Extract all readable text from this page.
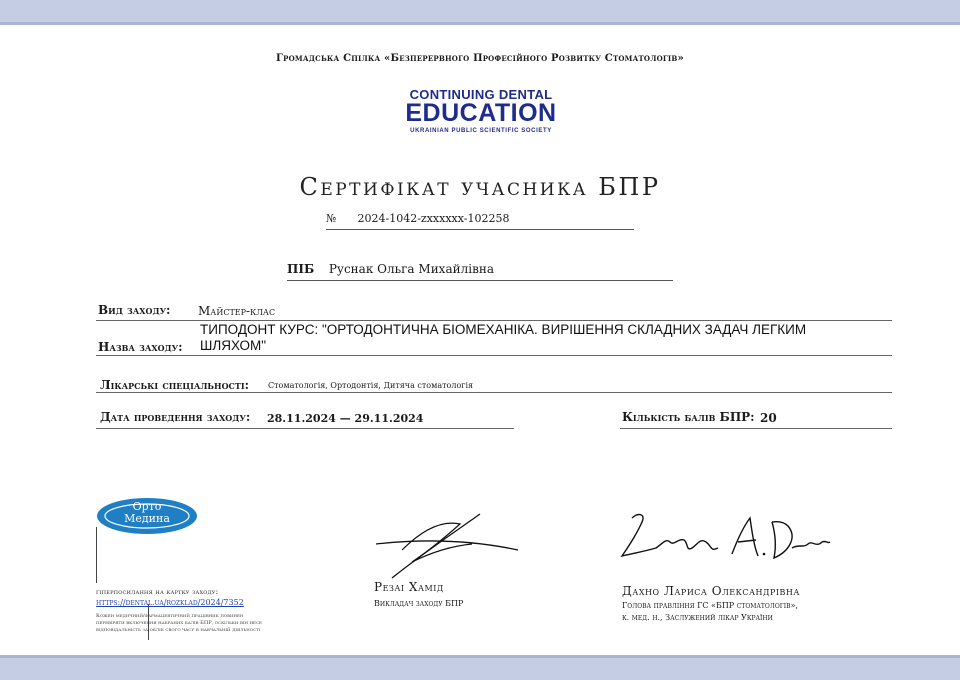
Громадська Спілка «Безперервного Професійного Розвитку Стоматологів»
CONTINUING DENTAL
EDUCATION
UKRAINIAN PUBLIC SCIENTIFIC SOCIETY
Сертифікат учасника БПР
№ 2024-1042-zxxxxxx-102258
ПІБ Руснак Ольга Михайлівна
Вид заходу: Майстер-клас
ТИПОДОНТ КУРС: "ОРТОДОНТИЧНА БІОМЕХАНІКА. ВИРІШЕННЯ СКЛАДНИХ ЗАДАЧ ЛЕГКИМ ШЛЯХОМ"
Назва заходу:
Лікарські спеціальності: Стоматологія, Ортодонтія, Дитяча стоматологія
Дата проведення заходу: 28.11.2024 — 29.11.2024	Кількість балів БПР: 20
Орто
Медина
гіперпосилання на картку заходу:
https://dental.ua/rozklad/2024/7352
Кожен медичний/фармацевтичний працівник повинен перевіряти включення набраних балів БПР, оскільки він несе відповідальність за облік свого часу в навчальній діяльності
Резаі Хамід
Викладач заходу БПР
Дахно Лариса Олександрівна
Голова правління ГС «БПР стоматологів»,
к. мед. н., Заслужений лікар України
